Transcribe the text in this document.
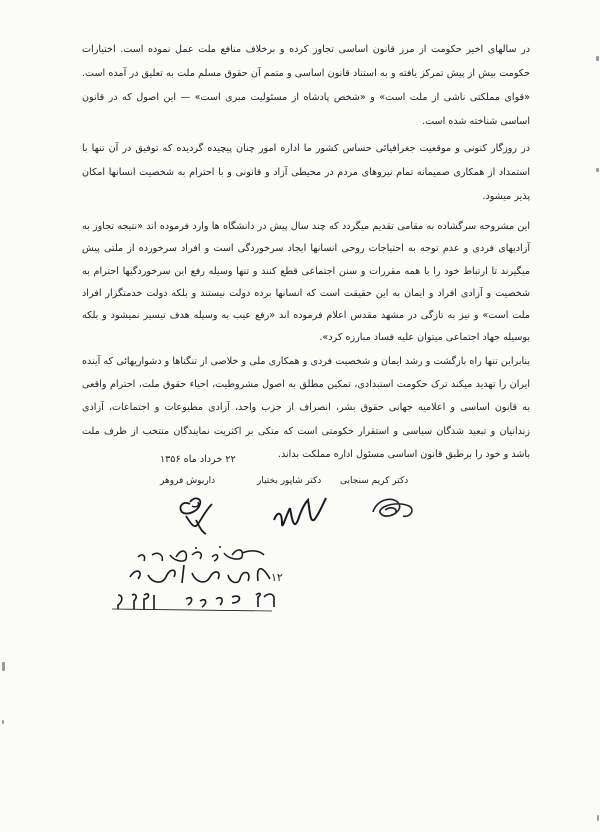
در سالهای اخیر حکومت از مرز قانون اساسی تجاوز کرده و برخلاف منافع ملت عمل نموده است. اختیارات حکومت بیش از پیش تمرکز یافته و به استناد قانون اساسی و متمم آن حقوق مسلم ملت به تعلیق در آمده است. «قوای مملکتی ناشی از ملت است» و «شخص پادشاه از مسئولیت مبری است» — این اصول که در قانون اساسی شناخته شده است.
در روزگار کنونی و موقعیت جغرافیائی حساس کشور ما اداره امور چنان پیچیده گردیده که توفیق در آن تنها با استمداد از همکاری صمیمانه تمام نیروهای مردم در محیطی آزاد و قانونی و با احترام به شخصیت انسانها امکان پذیر میشود.
این مشروحه سرگشاده به مقامی تقدیم میگردد که چند سال پیش در دانشگاه ها وارد فرموده اند «نتیجه تجاوز به آزادیهای فردی و عدم توجه به احتیاجات روحی انسانها ایجاد سرخوردگی است و افراد سرخورده از ملتی پیش میگیرند تا ارتباط خود را با همه مقررات و سنن اجتماعی قطع کنند و تنها وسیله رفع این سرخوردگیها احترام به شخصیت و آزادی افراد و ایمان به این حقیقت است که انسانها برده دولت نیستند و بلکه دولت خدمتگزار افراد ملت است» و نیز به تازگی در مشهد مقدس اعلام فرموده اند «رفع عیب به وسیله هدف تیسیر نمیشود و بلکه بوسیله جهاد اجتماعی میتوان علیه فساد مبارزه کرد».
بنابراین تنها راه بازگشت و رشد ایمان و شخصیت فردی و همکاری ملی و خلاصی از تنگناها و دشواریهائی که آینده ایران را تهدید میکند ترک حکومت استبدادی، تمکین مطلق به اصول مشروطیت، احیاء حقوق ملت، احترام واقعی به قانون اساسی و اعلامیه جهانی حقوق بشر، انصراف از حزب واحد، آزادی مطبوعات و اجتماعات، آزادی زندانیان و تبعید شدگان سیاسی و استقرار حکومتی است که متکی بر اکثریت نمایندگان منتخب از طرف ملت باشد و خود را برطبق قانون اساسی مسئول اداره مملکت بداند.
۲۲ خرداد ماه ۱۳۵۶
دکتر کریم سنجابی
دکتر شاپور بختیار
داریوش فروهر
۱۲
